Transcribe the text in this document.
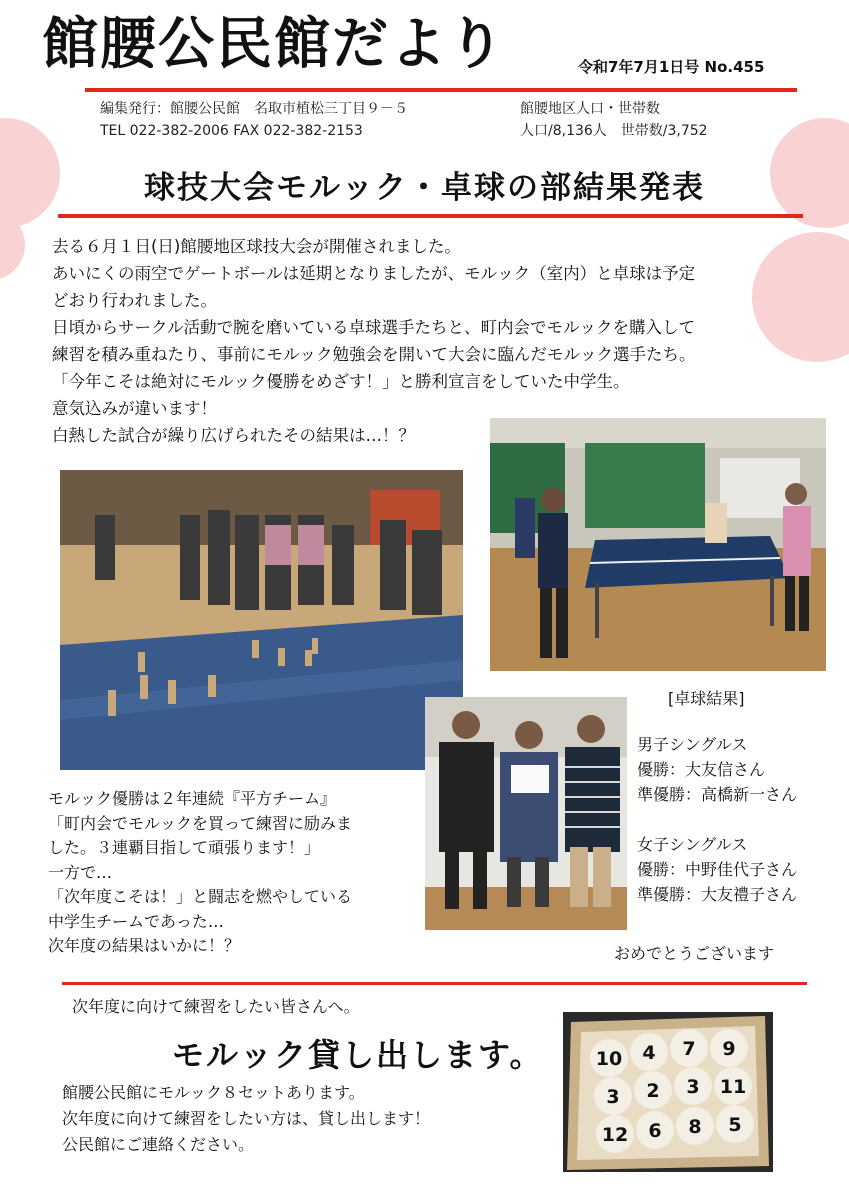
館腰公民館だより	令和7年7月1日号 No.455
編集発行：館腰公民館　名取市植松三丁目９－５
TEL 022-382-2006 FAX 022-382-2153
館腰地区人口・世帯数
人口/8,136人　世帯数/3,752
球技大会モルック・卓球の部結果発表
去る６月１日(日)館腰地区球技大会が開催されました。
あいにくの雨空でゲートボールは延期となりましたが、モルック（室内）と卓球は予定
どおり行われました。
日頃からサークル活動で腕を磨いている卓球選手たちと、町内会でモルックを購入して
練習を積み重ねたり、事前にモルック勉強会を開いて大会に臨んだモルック選手たち。
「今年こそは絶対にモルック優勝をめざす！」と勝利宣言をしていた中学生。
意気込みが違います！
白熱した試合が繰り広げられたその結果は…！？
モルック優勝は２年連続『平方チーム』
「町内会でモルックを買って練習に励みま
した。３連覇目指して頑張ります！」
一方で…
「次年度こそは！」と闘志を燃やしている
中学生チームであった…
次年度の結果はいかに！？
[卓球結果]
男子シングルス
優勝：大友信さん
準優勝：高橋新一さん
女子シングルス
優勝：中野佳代子さん
準優勝：大友禮子さん
おめでとうございます
次年度に向けて練習をしたい皆さんへ。
モルック貸し出します。
館腰公民館にモルック８セットあります。
次年度に向けて練習をしたい方は、貸し出します！
公民館にご連絡ください。
10 4 7 9
3 2 3 11
12 6 8 5
